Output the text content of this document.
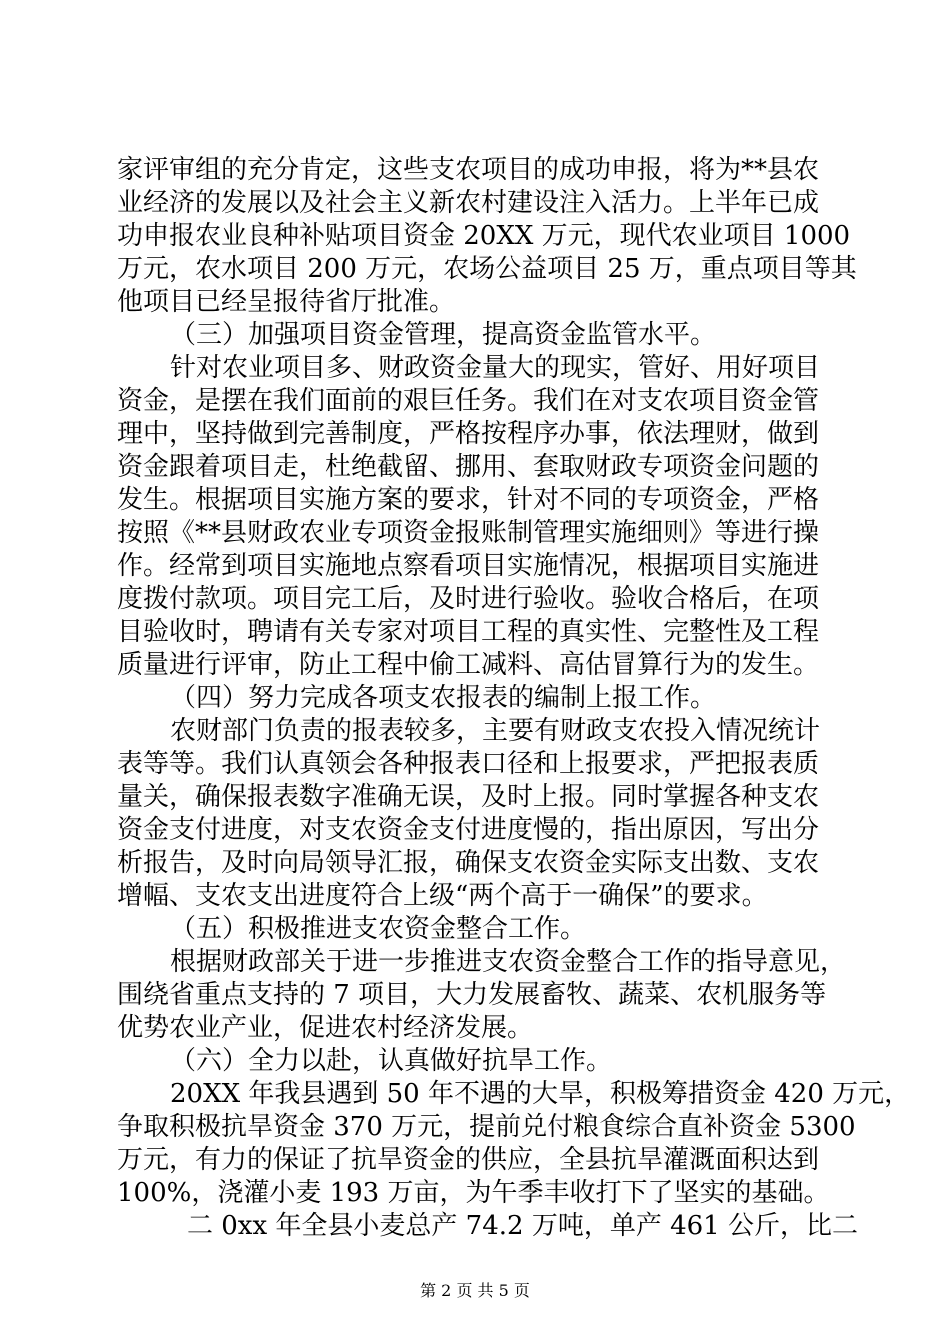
家评审组的充分肯定，这些支农项目的成功申报，将为**县农
业经济的发展以及社会主义新农村建设注入活力。上半年已成
功申报农业良种补贴项目资金 20XX 万元，现代农业项目 1000
万元，农水项目 200 万元，农场公益项目 25 万，重点项目等其
他项目已经呈报待省厅批准。
（三）加强项目资金管理，提高资金监管水平。
针对农业项目多、财政资金量大的现实，管好、用好项目
资金，是摆在我们面前的艰巨任务。我们在对支农项目资金管
理中，坚持做到完善制度，严格按程序办事，依法理财，做到
资金跟着项目走，杜绝截留、挪用、套取财政专项资金问题的
发生。根据项目实施方案的要求，针对不同的专项资金，严格
按照《**县财政农业专项资金报账制管理实施细则》等进行操
作。经常到项目实施地点察看项目实施情况，根据项目实施进
度拨付款项。项目完工后，及时进行验收。验收合格后，在项
目验收时，聘请有关专家对项目工程的真实性、完整性及工程
质量进行评审，防止工程中偷工减料、高估冒算行为的发生。
（四）努力完成各项支农报表的编制上报工作。
农财部门负责的报表较多，主要有财政支农投入情况统计
表等等。我们认真领会各种报表口径和上报要求，严把报表质
量关，确保报表数字准确无误，及时上报。同时掌握各种支农
资金支付进度，对支农资金支付进度慢的，指出原因，写出分
析报告，及时向局领导汇报，确保支农资金实际支出数、支农
增幅、支农支出进度符合上级“两个高于一确保”的要求。
（五）积极推进支农资金整合工作。
根据财政部关于进一步推进支农资金整合工作的指导意见，
围绕省重点支持的 7 项目，大力发展畜牧、蔬菜、农机服务等
优势农业产业，促进农村经济发展。
（六）全力以赴，认真做好抗旱工作。
20XX 年我县遇到 50 年不遇的大旱，积极筹措资金 420 万元，
争取积极抗旱资金 370 万元，提前兑付粮食综合直补资金 5300
万元，有力的保证了抗旱资金的供应，全县抗旱灌溉面积达到
100%，浇灌小麦 193 万亩，为午季丰收打下了坚实的基础。
二 0xx 年全县小麦总产 74.2 万吨，单产 461 公斤，比二
第 2 页 共 5 页
